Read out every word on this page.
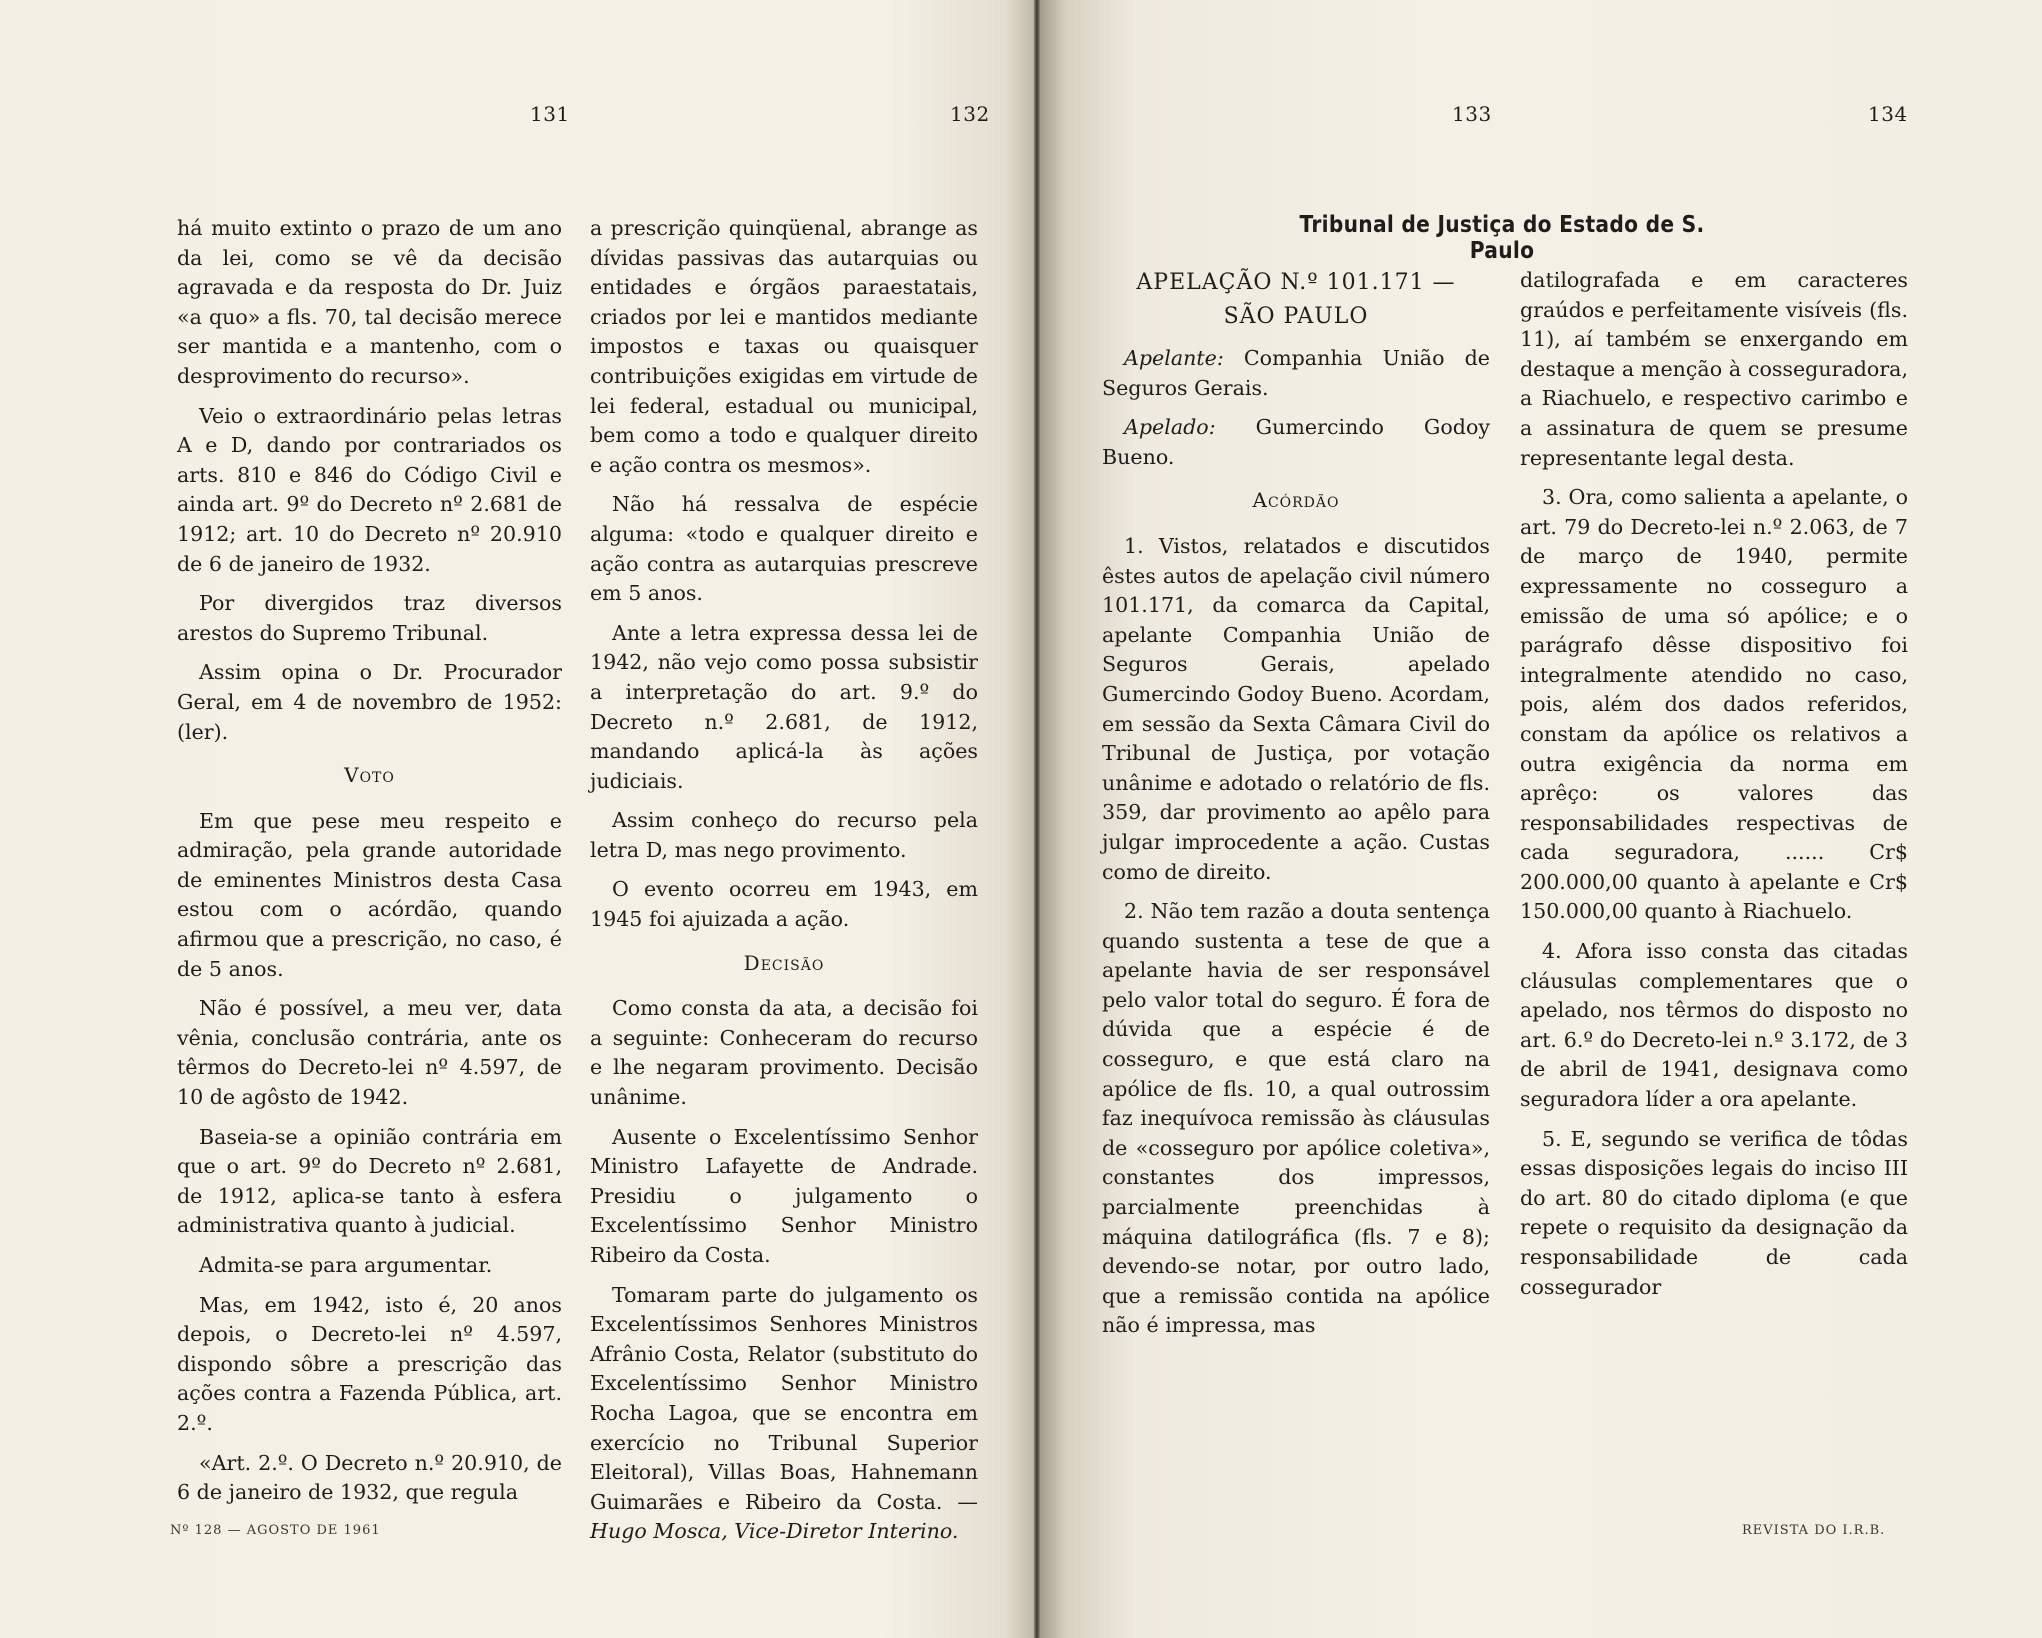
131	132	133	134

há muito extinto o prazo de um ano da lei, como se vê da decisão agravada e da resposta do Dr. Juiz «a quo» a fls. 70, tal decisão merece ser mantida e a mantenho, com o desprovimento do recurso».

Veio o extraordinário pelas letras A e D, dando por contrariados os arts. 810 e 846 do Código Civil e ainda art. 9º do Decreto nº 2.681 de 1912; art. 10 do Decreto nº 20.910 de 6 de janeiro de 1932.

Por divergidos traz diversos arestos do Supremo Tribunal.

Assim opina o Dr. Procurador Geral, em 4 de novembro de 1952: (ler).

Voto

Em que pese meu respeito e admiração, pela grande autoridade de eminentes Ministros desta Casa estou com o acórdão, quando afirmou que a prescrição, no caso, é de 5 anos.

Não é possível, a meu ver, data vênia, conclusão contrária, ante os têrmos do Decreto-lei nº 4.597, de 10 de agôsto de 1942.

Baseia-se a opinião contrária em que o art. 9º do Decreto nº 2.681, de 1912, aplica-se tanto à esfera administrativa quanto à judicial.

Admita-se para argumentar.

Mas, em 1942, isto é, 20 anos depois, o Decreto-lei nº 4.597, dispondo sôbre a prescrição das ações contra a Fazenda Pública, art. 2.º.

«Art. 2.º. O Decreto n.º 20.910, de 6 de janeiro de 1932, que regula

a prescrição quinqüenal, abrange as dívidas passivas das autarquias ou entidades e órgãos paraestatais, criados por lei e mantidos mediante impostos e taxas ou quaisquer contribuições exigidas em virtude de lei federal, estadual ou municipal, bem como a todo e qualquer direito e ação contra os mesmos».

Não há ressalva de espécie alguma: «todo e qualquer direito e ação contra as autarquias prescreve em 5 anos.

Ante a letra expressa dessa lei de 1942, não vejo como possa subsistir a interpretação do art. 9.º do Decreto n.º 2.681, de 1912, mandando aplicá-la às ações judiciais.

Assim conheço do recurso pela letra D, mas nego provimento.

O evento ocorreu em 1943, em 1945 foi ajuizada a ação.

Decisão

Como consta da ata, a decisão foi a seguinte: Conheceram do recurso e lhe negaram provimento. Decisão unânime.

Ausente o Excelentíssimo Senhor Ministro Lafayette de Andrade. Presidiu o julgamento o Excelentíssimo Senhor Ministro Ribeiro da Costa.

Tomaram parte do julgamento os Excelentíssimos Senhores Ministros Afrânio Costa, Relator (substituto do Excelentíssimo Senhor Ministro Rocha Lagoa, que se encontra em exercício no Tribunal Superior Eleitoral), Villas Boas, Hahnemann Guimarães e Ribeiro da Costa. — Hugo Mosca, Vice-Diretor Interino.

Tribunal de Justiça do Estado de S. Paulo
APELAÇÃO N.º 101.171 —
SÃO PAULO

Apelante: Companhia União de Seguros Gerais.

Apelado: Gumercindo Godoy Bueno.

Acórdão

1. Vistos, relatados e discutidos êstes autos de apelação civil número 101.171, da comarca da Capital, apelante Companhia União de Seguros Gerais, apelado Gumercindo Godoy Bueno. Acordam, em sessão da Sexta Câmara Civil do Tribunal de Justiça, por votação unânime e adotado o relatório de fls. 359, dar provimento ao apêlo para julgar improcedente a ação. Custas como de direito.

2. Não tem razão a douta sentença quando sustenta a tese de que a apelante havia de ser responsável pelo valor total do seguro. É fora de dúvida que a espécie é de cosseguro, e que está claro na apólice de fls. 10, a qual outrossim faz inequívoca remissão às cláusulas de «cosseguro por apólice coletiva», constantes dos impressos, parcialmente preenchidas à máquina datilográfica (fls. 7 e 8); devendo-se notar, por outro lado, que a remissão contida na apólice não é impressa, mas

datilografada e em caracteres graúdos e perfeitamente visíveis (fls. 11), aí também se enxergando em destaque a menção à cosseguradora, a Riachuelo, e respectivo carimbo e a assinatura de quem se presume representante legal desta.

3. Ora, como salienta a apelante, o art. 79 do Decreto-lei n.º 2.063, de 7 de março de 1940, permite expressamente no cosseguro a emissão de uma só apólice; e o parágrafo dêsse dispositivo foi integralmente atendido no caso, pois, além dos dados referidos, constam da apólice os relativos a outra exigência da norma em aprêço: os valores das responsabilidades respectivas de cada seguradora, ...... Cr$ 200.000,00 quanto à apelante e Cr$ 150.000,00 quanto à Riachuelo.

4. Afora isso consta das citadas cláusulas complementares que o apelado, nos têrmos do disposto no art. 6.º do Decreto-lei n.º 3.172, de 3 de abril de 1941, designava como seguradora líder a ora apelante.

5. E, segundo se verifica de tôdas essas disposições legais do inciso III do art. 80 do citado diploma (e que repete o requisito da designação da responsabilidade de cada cossegurador

Nº 128 — AGOSTO DE 1961	REVISTA DO I.R.B.
